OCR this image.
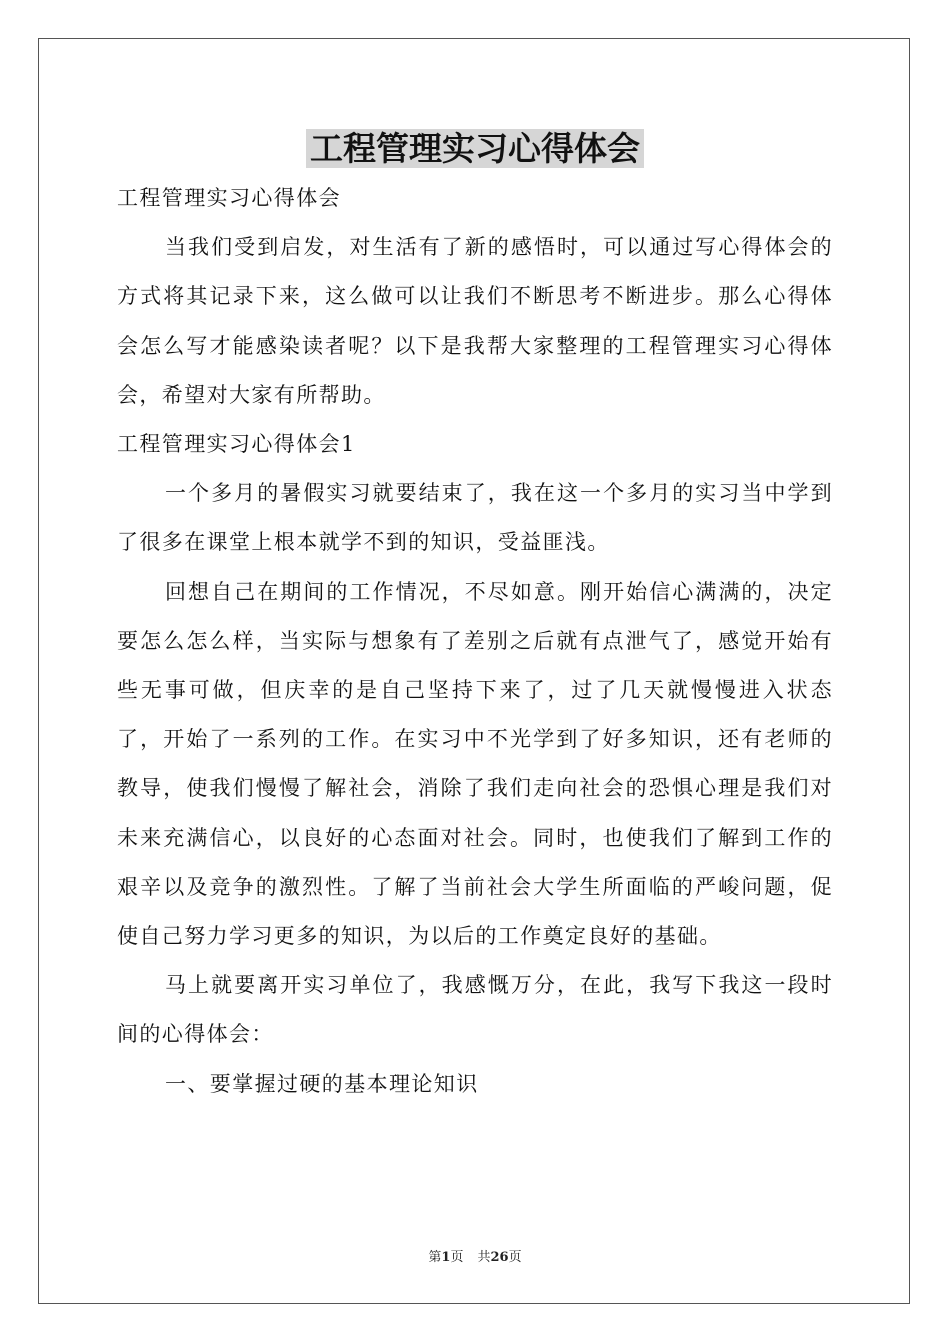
工程管理实习心得体会

工程管理实习心得体会

当我们受到启发，对生活有了新的感悟时，可以通过写心得体会的方式将其记录下来，这么做可以让我们不断思考不断进步。那么心得体会怎么写才能感染读者呢？以下是我帮大家整理的工程管理实习心得体会，希望对大家有所帮助。

工程管理实习心得体会1

一个多月的暑假实习就要结束了，我在这一个多月的实习当中学到了很多在课堂上根本就学不到的知识，受益匪浅。

回想自己在期间的工作情况，不尽如意。刚开始信心满满的，决定要怎么怎么样，当实际与想象有了差别之后就有点泄气了，感觉开始有些无事可做，但庆幸的是自己坚持下来了，过了几天就慢慢进入状态了，开始了一系列的工作。在实习中不光学到了好多知识，还有老师的教导，使我们慢慢了解社会，消除了我们走向社会的恐惧心理是我们对未来充满信心，以良好的心态面对社会。同时，也使我们了解到工作的艰辛以及竞争的激烈性。了解了当前社会大学生所面临的严峻问题，促使自己努力学习更多的知识，为以后的工作奠定良好的基础。

马上就要离开实习单位了，我感慨万分，在此，我写下我这一段时间的心得体会：

一、要掌握过硬的基本理论知识

第1页 共26页
